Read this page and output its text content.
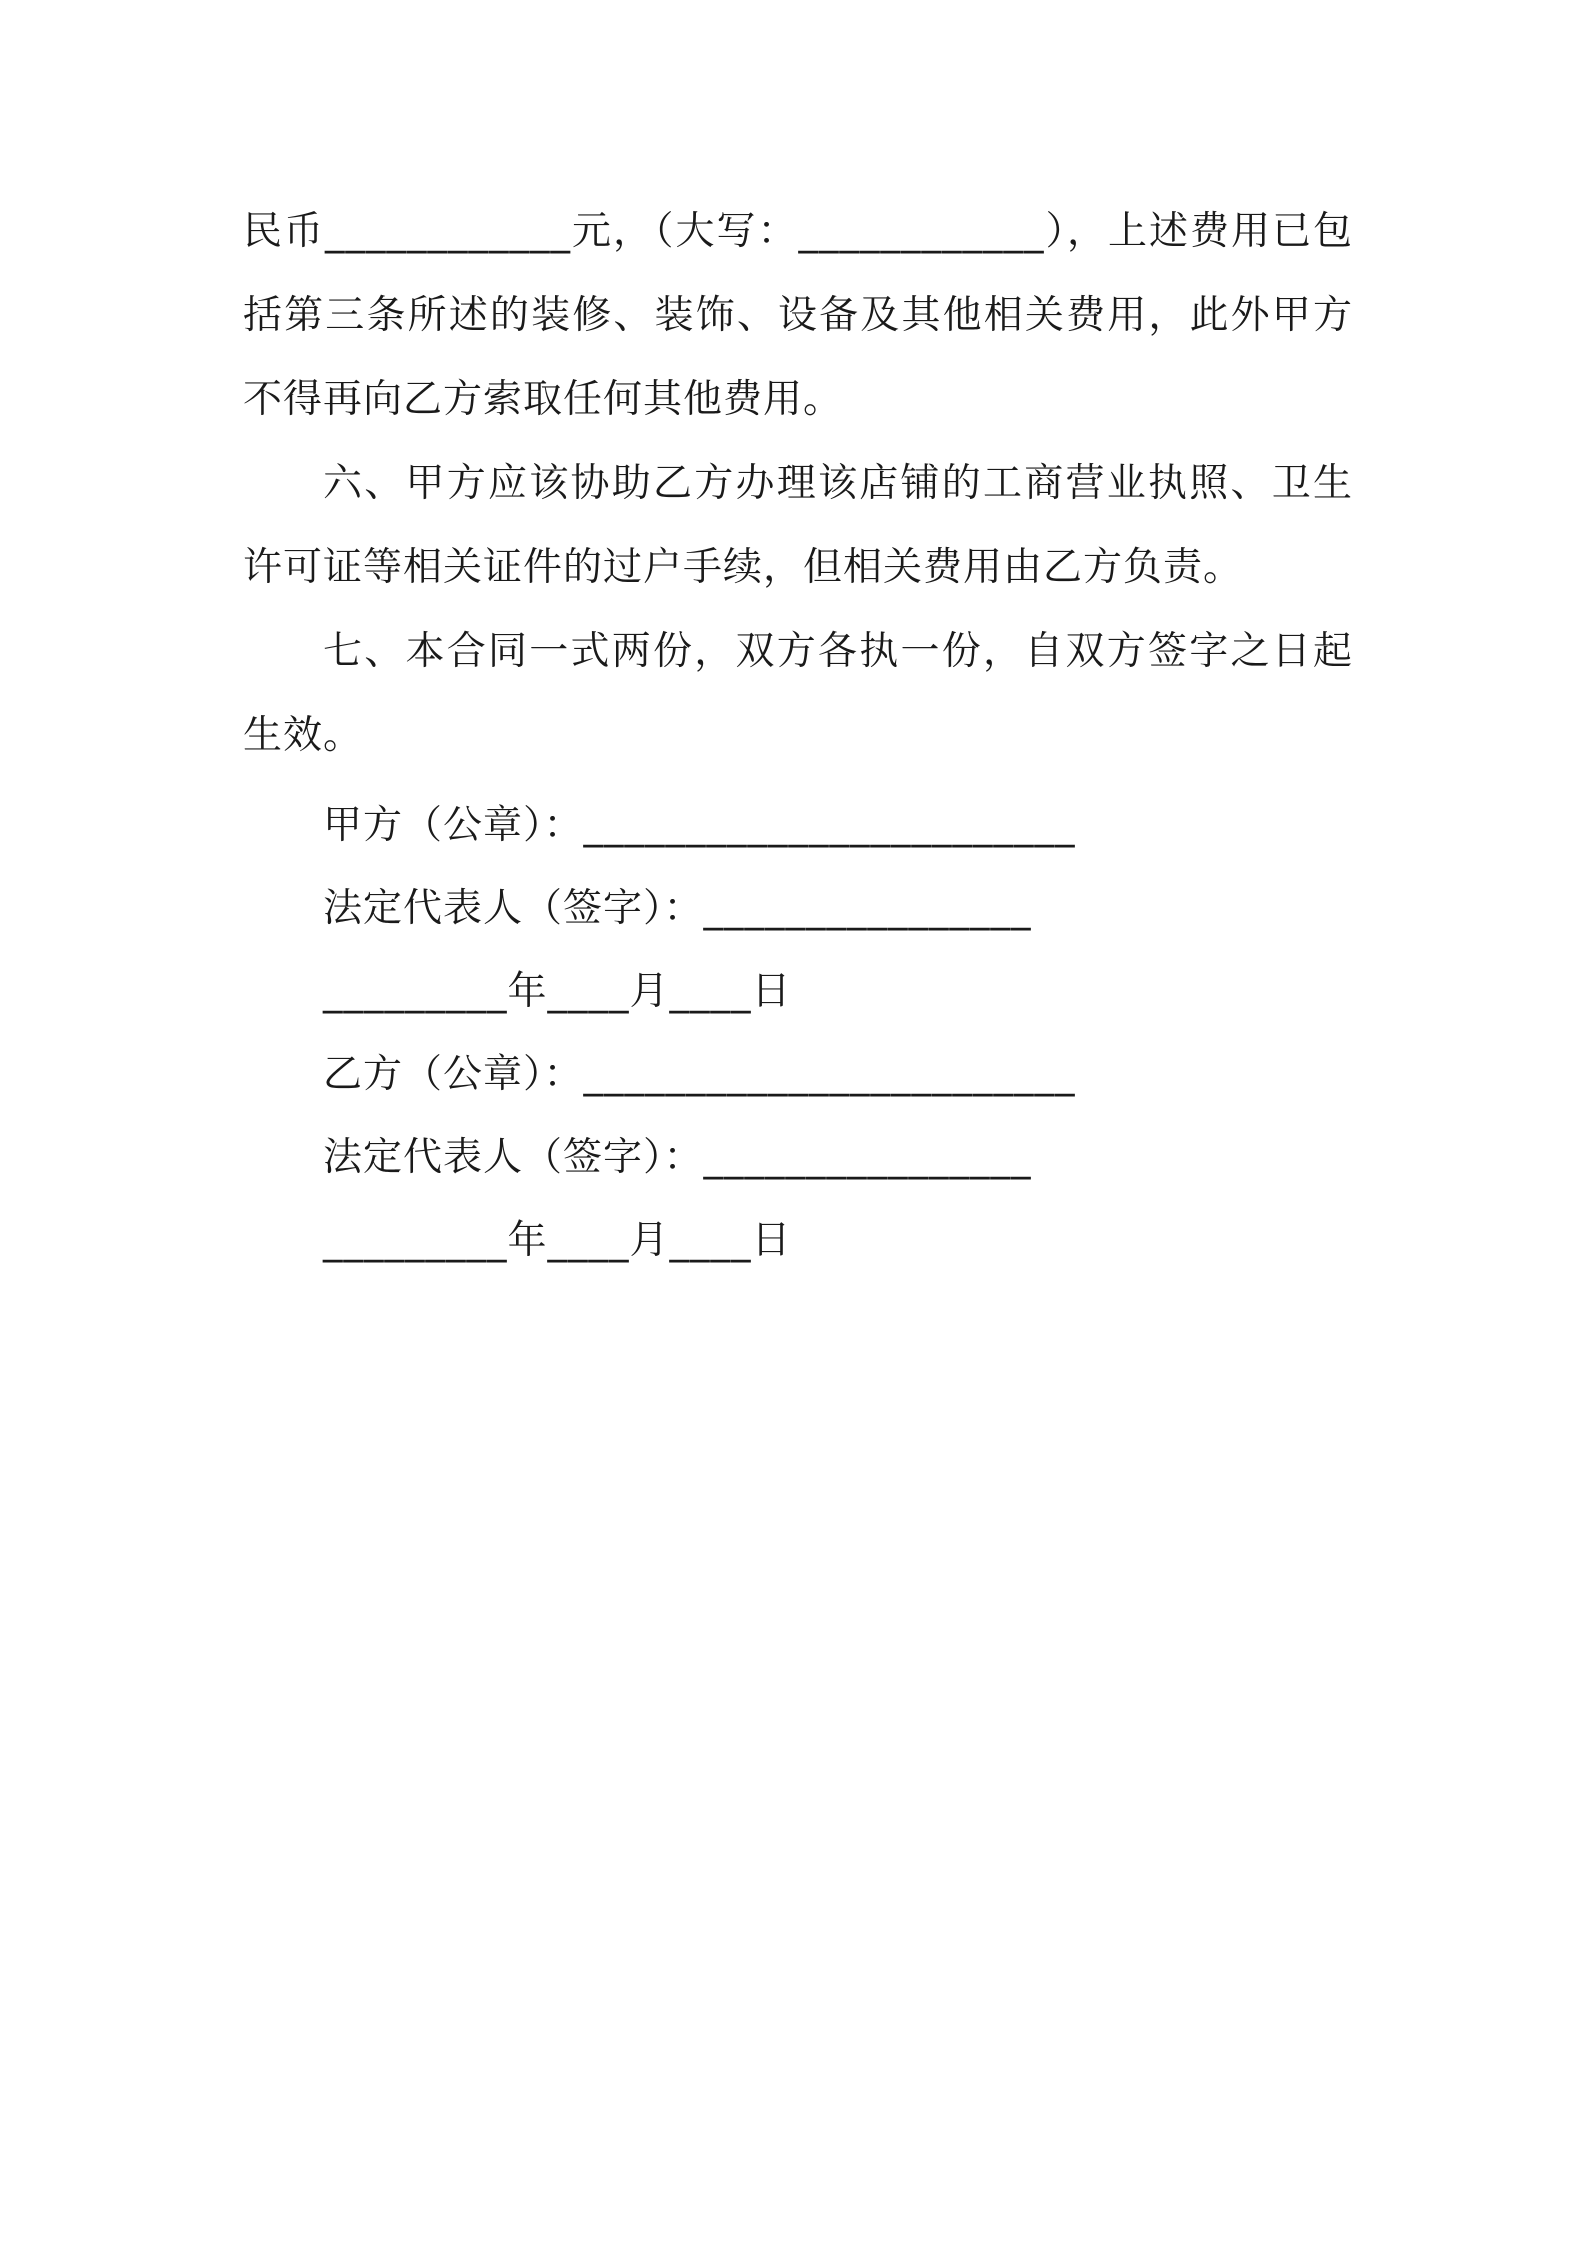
民币____________元，（大写：____________），上述费用已包括第三条所述的装修、装饰、设备及其他相关费用，此外甲方不得再向乙方索取任何其他费用。

六、甲方应该协助乙方办理该店铺的工商营业执照、卫生许可证等相关证件的过户手续，但相关费用由乙方负责。

七、本合同一式两份，双方各执一份，自双方签字之日起生效。

甲方（公章）：________________________

法定代表人（签字）：________________

_________年____月____日

乙方（公章）：________________________

法定代表人（签字）：________________

_________年____月____日
